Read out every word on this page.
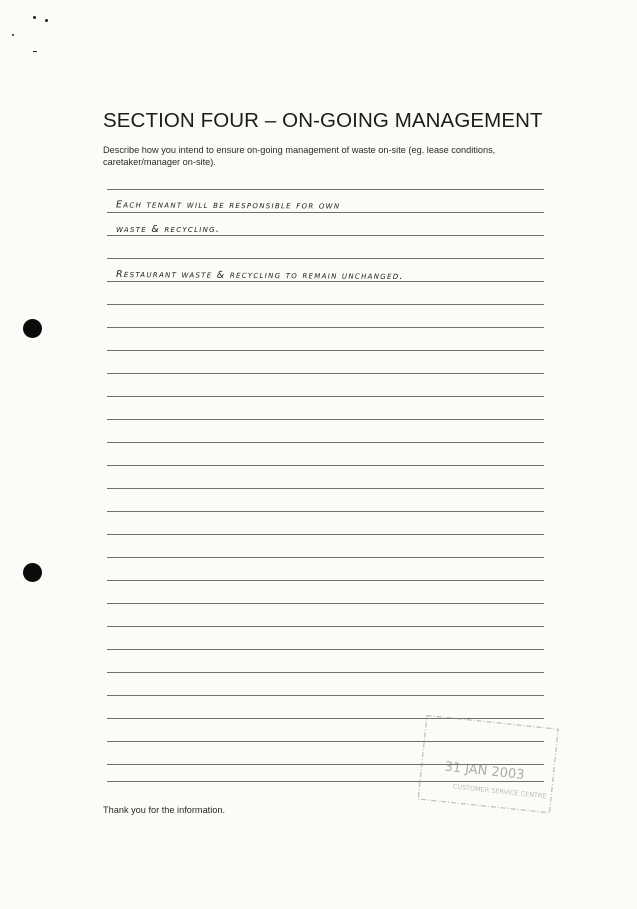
SECTION FOUR – ON-GOING MANAGEMENT
Describe how you intend to ensure on-going management of waste on-site (eg. lease conditions, caretaker/manager on-site).
Each tenant will be responsible for own
waste & recycling.
Restaurant waste & recycling to remain unchanged.
31 JAN 2003
CUSTOMER SERVICE CENTRE
Thank you for the information.
